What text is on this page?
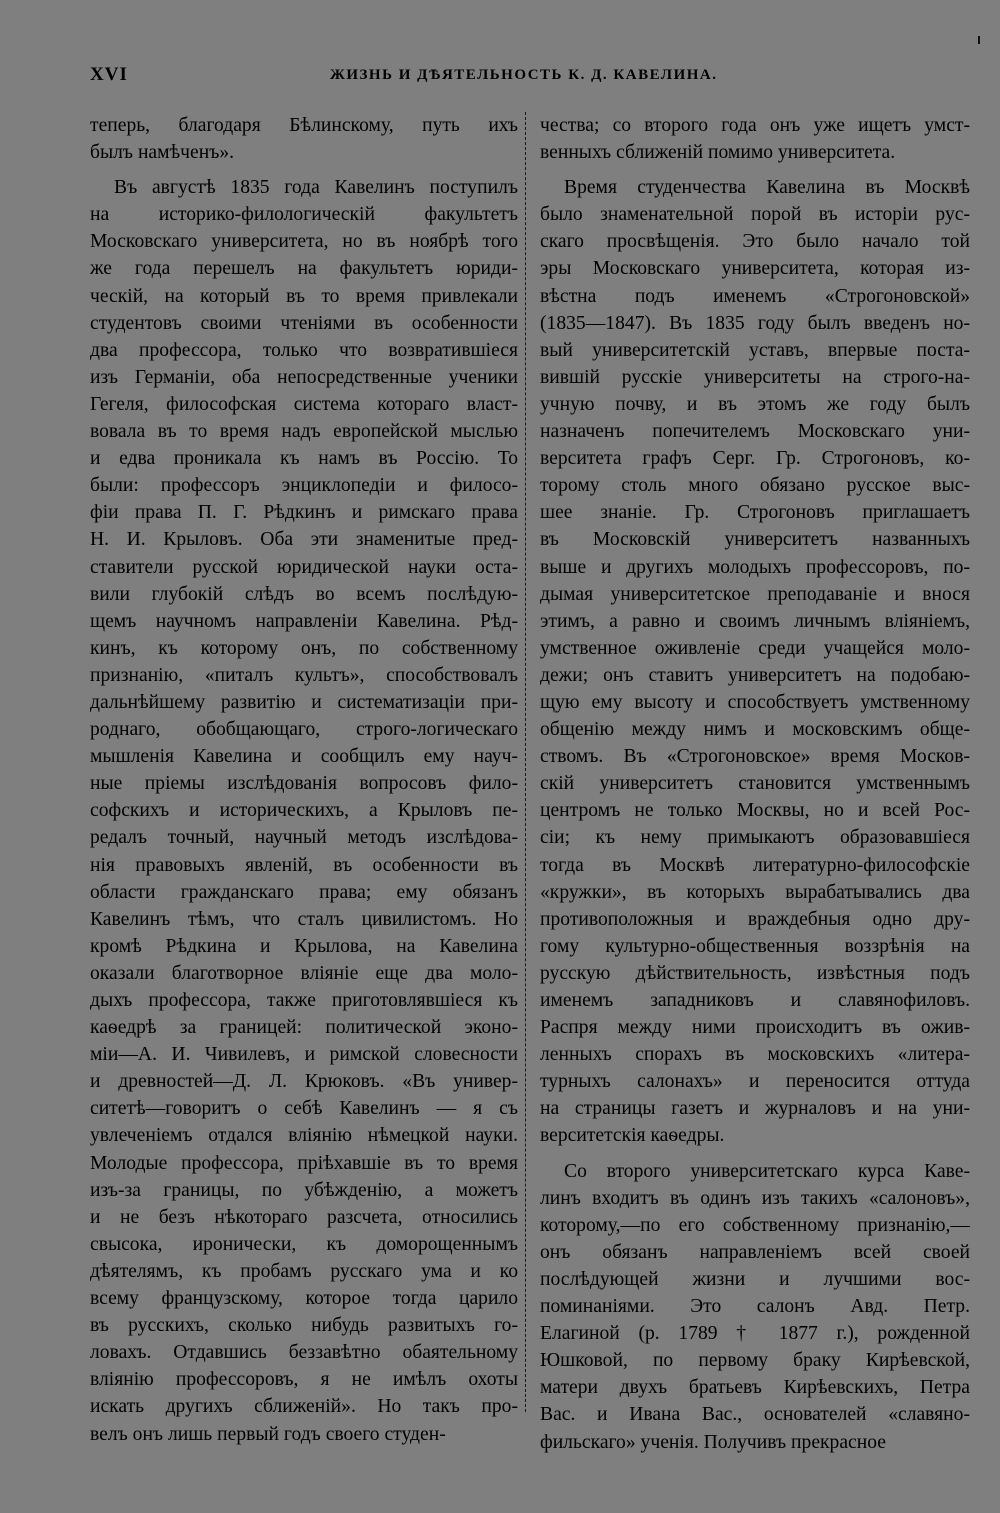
XVI	ЖИЗНЬ И ДѢЯТЕЛЬНОСТЬ К. Д. КАВЕЛИНА.
теперь, благодаря Бѣлинскому, путь ихъ
былъ намѣченъ».
Въ августѣ 1835 года Кавелинъ поступилъ
на историко-филологическій факультетъ
Московскаго университета, но въ ноябрѣ того
же года перешелъ на факультетъ юриди-
ческій, на который въ то время привлекали
студентовъ своими чтеніями въ особенности
два профессора, только что возвратившіеся
изъ Германіи, оба непосредственные ученики
Гегеля, философская система котораго власт-
вовала въ то время надъ европейской мыслью
и едва проникала къ намъ въ Россію. То
были: профессоръ энциклопедіи и филосо-
фіи права П. Г. Рѣдкинъ и римскаго права
Н. И. Крыловъ. Оба эти знаменитые пред-
ставители русской юридической науки оста-
вили глубокій слѣдъ во всемъ послѣдую-
щемъ научномъ направленіи Кавелина. Рѣд-
кинъ, къ которому онъ, по собственному
признанію, «питалъ культъ», способствовалъ
дальнѣйшему развитію и систематизаціи при-
роднаго, обобщающаго, строго-логическаго
мышленія Кавелина и сообщилъ ему науч-
ные пріемы изслѣдованія вопросовъ фило-
софскихъ и историческихъ, а Крыловъ пе-
редалъ точный, научный методъ изслѣдова-
нія правовыхъ явленій, въ особенности въ
области гражданскаго права; ему обязанъ
Кавелинъ тѣмъ, что сталъ цивилистомъ. Но
кромѣ Рѣдкина и Крылова, на Кавелина
оказали благотворное вліяніе еще два моло-
дыхъ профессора, также приготовлявшіеся къ
каѳедрѣ за границей: политической эконо-
міи—А. И. Чивилевъ, и римской словесности
и древностей—Д. Л. Крюковъ. «Въ универ-
ситетѣ—говоритъ о себѣ Кавелинъ — я съ
увлеченіемъ отдался вліянію нѣмецкой науки.
Молодые профессора, пріѣхавшіе въ то время
изъ-за границы, по убѣжденію, а можетъ
и не безъ нѣкотораго разсчета, относились
свысока, иронически, къ доморощеннымъ
дѣятелямъ, къ пробамъ русскаго ума и ко
всему французскому, которое тогда царило
въ русскихъ, сколько нибудь развитыхъ го-
ловахъ. Отдавшись беззавѣтно обаятельному
вліянію профессоровъ, я не имѣлъ охоты
искать другихъ сближеній». Но такъ про-
велъ онъ лишь первый годъ своего студен-
чества; со второго года онъ уже ищетъ умст-
венныхъ сближеній помимо университета.
Время студенчества Кавелина въ Москвѣ
было знаменательной порой въ исторіи рус-
скаго просвѣщенія. Это было начало той
эры Московскаго университета, которая из-
вѣстна подъ именемъ «Строгоновской»
(1835—1847). Въ 1835 году былъ введенъ но-
вый университетскій уставъ, впервые поста-
вившій русскіе университеты на строго-на-
учную почву, и въ этомъ же году былъ
назначенъ попечителемъ Московскаго уни-
верситета графъ Серг. Гр. Строгоновъ, ко-
торому столь много обязано русское выс-
шее знаніе. Гр. Строгоновъ приглашаетъ
въ Московскій университетъ названныхъ
выше и другихъ молодыхъ профессоровъ, по-
дымая университетское преподаваніе и внося
этимъ, а равно и своимъ личнымъ вліяніемъ,
умственное оживленіе среди учащейся моло-
дежи; онъ ставитъ университетъ на подобаю-
щую ему высоту и способствуетъ умственному
общенію между нимъ и московскимъ обще-
ствомъ. Въ «Строгоновское» время Москов-
скій университетъ становится умственнымъ
центромъ не только Москвы, но и всей Рос-
сіи; къ нему примыкаютъ образовавшіеся
тогда въ Москвѣ литературно-философскіе
«кружки», въ которыхъ вырабатывались два
противоположныя и враждебныя одно дру-
гому культурно-общественныя воззрѣнія на
русскую дѣйствительность, извѣстныя подъ
именемъ западниковъ и славянофиловъ.
Распря между ними происходитъ въ ожив-
ленныхъ спорахъ въ московскихъ «литера-
турныхъ салонахъ» и переносится оттуда
на страницы газетъ и журналовъ и на уни-
верситетскія каѳедры.
Со второго университетскаго курса Каве-
линъ входитъ въ одинъ изъ такихъ «салоновъ»,
которому,—по его собственному признанію,—
онъ обязанъ направленіемъ всей своей
послѣдующей жизни и лучшими вос-
поминаніями. Это салонъ Авд. Петр.
Елагиной (р. 1789 † 1877 г.), рожденной
Юшковой, по первому браку Кирѣевской,
матери двухъ братьевъ Кирѣевскихъ, Петра
Вас. и Ивана Вас., основателей «славяно-
фильскаго» ученія. Получивъ прекрасное
